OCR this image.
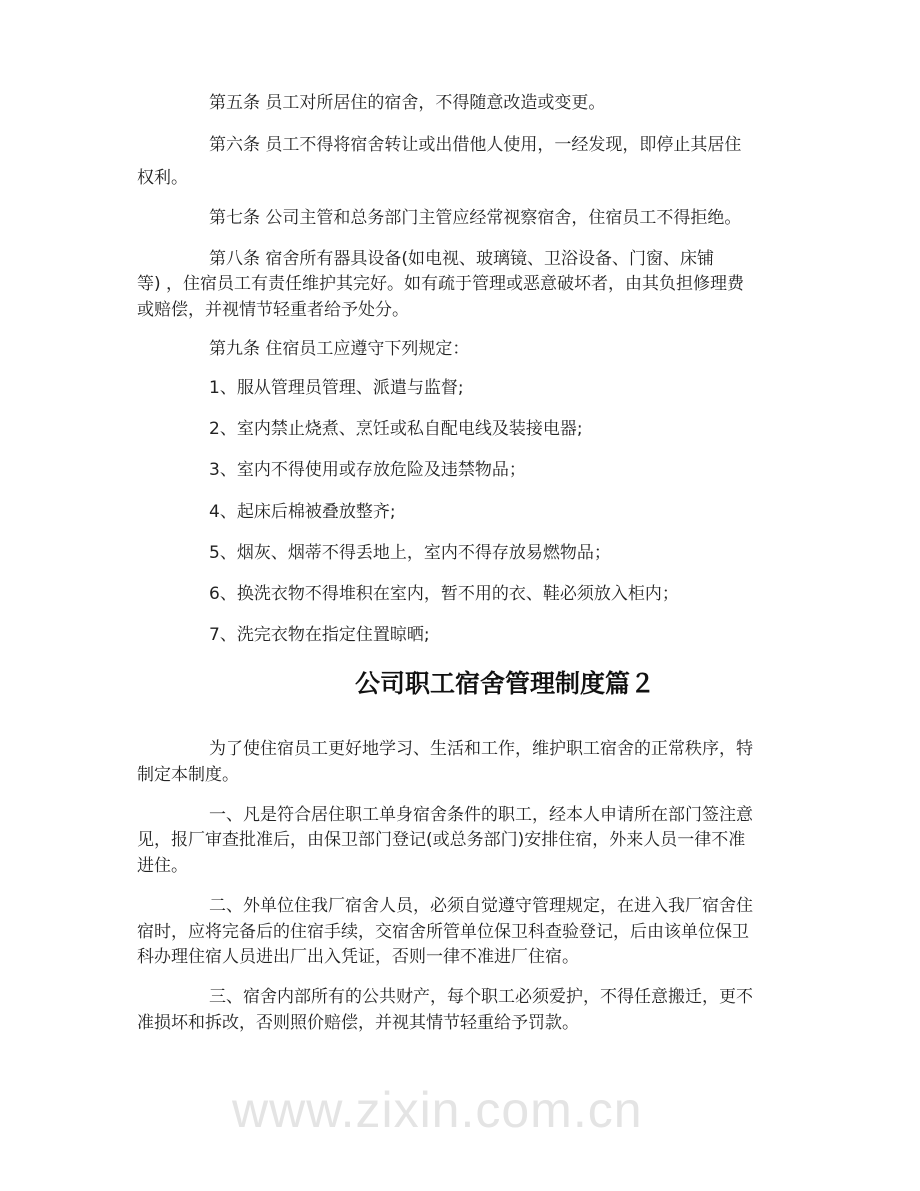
www.zixin.com.cn
第五条 员工对所居住的宿舍，不得随意改造或变更。
第六条 员工不得将宿舍转让或出借他人使用，一经发现，即停止其居住
权利。
第七条 公司主管和总务部门主管应经常视察宿舍，住宿员工不得拒绝。
第八条 宿舍所有器具设备(如电视、玻璃镜、卫浴设备、门窗、床铺
等) ，住宿员工有责任维护其完好。如有疏于管理或恶意破坏者，由其负担修理费
或赔偿，并视情节轻重者给予处分。
第九条 住宿员工应遵守下列规定：
1、服从管理员管理、派遣与监督;
2、室内禁止烧煮、烹饪或私自配电线及装接电器;
3、室内不得使用或存放危险及违禁物品；
4、起床后棉被叠放整齐;
5、烟灰、烟蒂不得丢地上，室内不得存放易燃物品；
6、换洗衣物不得堆积在室内，暂不用的衣、鞋必须放入柜内；
7、洗完衣物在指定住置晾晒;
公司职工宿舍管理制度篇２
为了使住宿员工更好地学习、生活和工作，维护职工宿舍的正常秩序，特
制定本制度。
一、凡是符合居住职工单身宿舍条件的职工，经本人申请所在部门签注意
见，报厂审查批准后，由保卫部门登记(或总务部门)安排住宿，外来人员一律不准
进住。
二、外单位住我厂宿舍人员，必须自觉遵守管理规定，在进入我厂宿舍住
宿时，应将完备后的住宿手续，交宿舍所管单位保卫科查验登记，后由该单位保卫
科办理住宿人员进出厂出入凭证，否则一律不准进厂住宿。
三、宿舍内部所有的公共财产，每个职工必须爱护，不得任意搬迁，更不
准损坏和拆改，否则照价赔偿，并视其情节轻重给予罚款。
